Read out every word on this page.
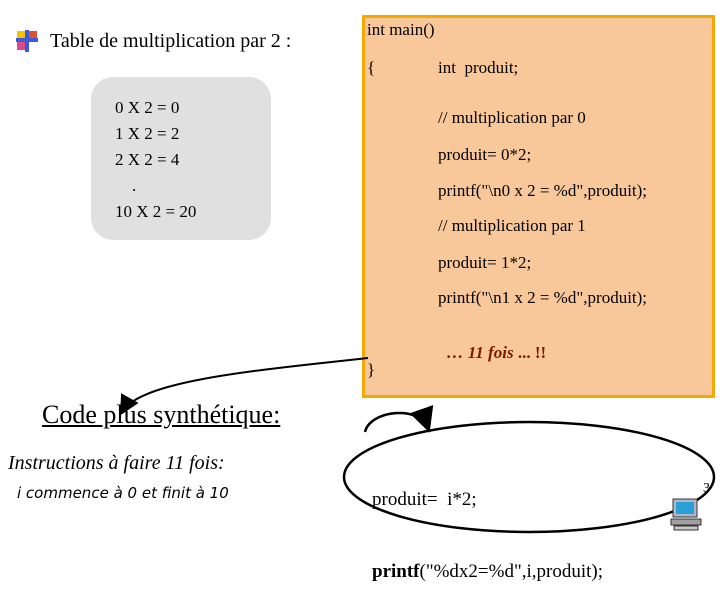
Table de multiplication par 2 :
0 X 2 = 0
1 X 2 = 2
2 X 2 = 4
.
10 X 2 = 20
int main()
{	int  produit;
// multiplication par 0
produit= 0*2;
printf("\n0 x 2 = %d",produit);
// multiplication par 1
produit= 1*2;
printf("\n1 x 2 = %d",produit);

… 11 fois ... !!

}
Code plus synthétique:
Instructions à faire 11 fois:
i commence à 0 et finit à 10

	produit=  i*2;

printf("%dx2=%d",i,produit);

3
